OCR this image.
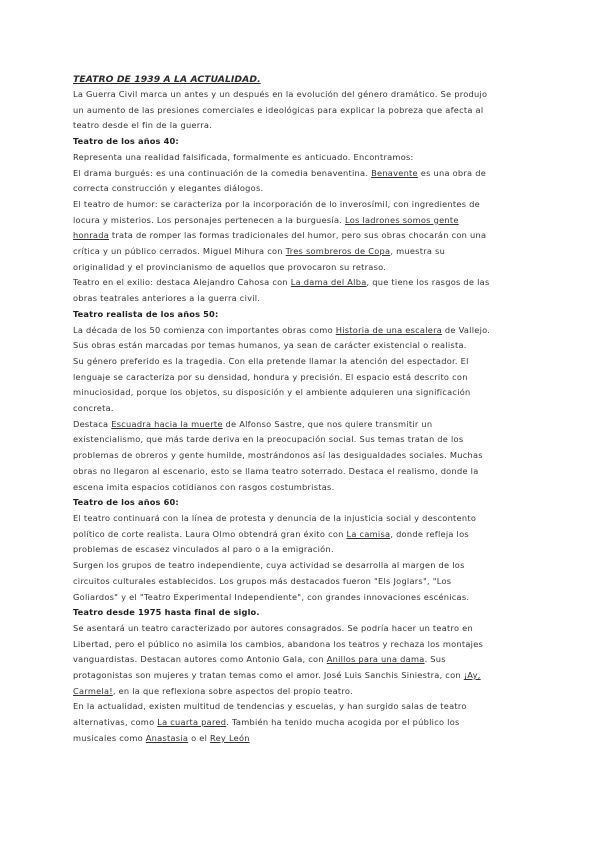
TEATRO DE 1939 A LA ACTUALIDAD.

La Guerra Civil marca un antes y un después en la evolución del género dramático. Se produjo

un aumento de las presiones comerciales e ideológicas para explicar la pobreza que afecta al

teatro desde el fin de la guerra.

Teatro de los años 40:

Representa una realidad falsificada, formalmente es anticuado. Encontramos:

El drama burgués: es una continuación de la comedia benaventina. Benavente es una obra de

correcta construcción y elegantes diálogos.

El teatro de humor: se caracteriza por la incorporación de lo inverosímil, con ingredientes de

locura y misterios. Los personajes pertenecen a la burguesía. Los ladrones somos gente

honrada trata de romper las formas tradicionales del humor, pero sus obras chocarán con una

crítica y un público cerrados. Miguel Mihura con Tres sombreros de Copa, muestra su

originalidad y el provincianismo de aquellos que provocaron su retraso.

Teatro en el exilio: destaca Alejandro Cahosa con La dama del Alba, que tiene los rasgos de las

obras teatrales anteriores a la guerra civil.

Teatro realista de los años 50:

La década de los 50 comienza con importantes obras como Historia de una escalera de Vallejo.

Sus obras están marcadas por temas humanos, ya sean de carácter existencial o realista.

Su género preferido es la tragedia. Con ella pretende llamar la atención del espectador. El

lenguaje se caracteriza por su densidad, hondura y precisión. El espacio está descrito con

minuciosidad, porque los objetos, su disposición y el ambiente adquieren una significación

concreta.

Destaca Escuadra hacia la muerte de Alfonso Sastre, que nos quiere transmitir un

existencialismo, que más tarde deriva en la preocupación social. Sus temas tratan de los

problemas de obreros y gente humilde, mostrándonos así las desigualdades sociales. Muchas

obras no llegaron al escenario, esto se llama teatro soterrado. Destaca el realismo, donde la

escena imita espacios cotidianos con rasgos costumbristas.

Teatro de los años 60:

El teatro continuará con la línea de protesta y denuncia de la injusticia social y descontento

político de corte realista. Laura Olmo obtendrá gran éxito con La camisa, donde refleja los

problemas de escasez vinculados al paro o a la emigración.

Surgen los grupos de teatro independiente, cuya actividad se desarrolla al margen de los

circuitos culturales establecidos. Los grupos más destacados fueron "Els Joglars", "Los

Goliardos" y el "Teatro Experimental Independiente", con grandes innovaciones escénicas.

Teatro desde 1975 hasta final de siglo.

Se asentará un teatro caracterizado por autores consagrados. Se podría hacer un teatro en

Libertad, pero el público no asimila los cambios, abandona los teatros y rechaza los montajes

vanguardistas. Destacan autores como Antonio Gala, con Anillos para una dama. Sus

protagonistas son mujeres y tratan temas como el amor. José Luis Sanchis Siniestra, con ¡Ay,

Carmela!, en la que reflexiona sobre aspectos del propio teatro.

En la actualidad, existen multitud de tendencias y escuelas, y han surgido salas de teatro

alternativas, como La cuarta pared. También ha tenido mucha acogida por el público los

musicales como Anastasia o el Rey León
